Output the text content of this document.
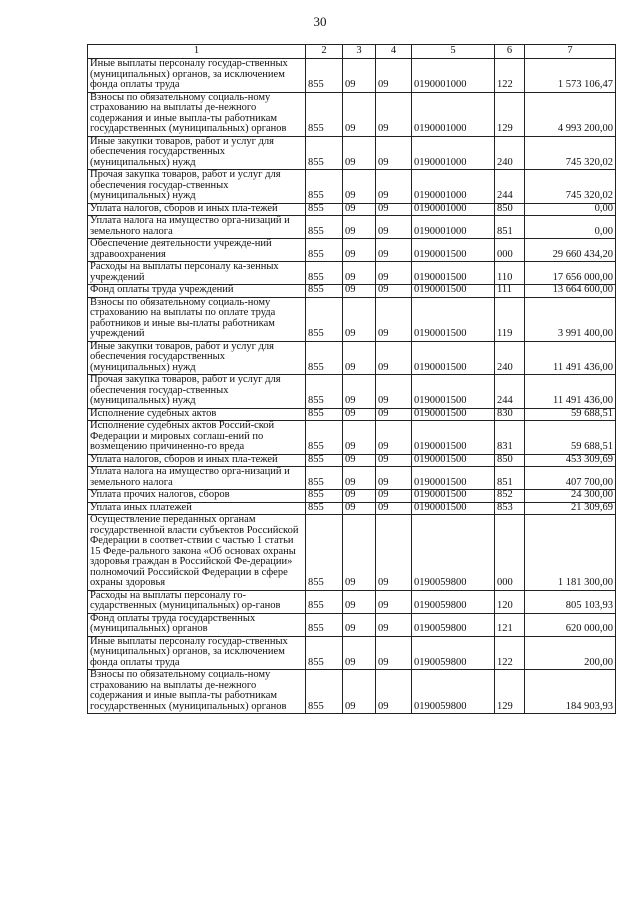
30
1	2	3	4	5	6	7
Иные выплаты персоналу государ-ственных (муниципальных) органов, за исключением фонда оплаты труда	855	09	09	0190001000	122	1 573 106,47
Взносы по обязательному социаль-ному страхованию на выплаты де-нежного содержания и иные выпла-ты работникам государственных (муниципальных) органов	855	09	09	0190001000	129	4 993 200,00
Иные закупки товаров, работ и услуг для обеспечения государственных (муниципальных) нужд	855	09	09	0190001000	240	745 320,02
Прочая закупка товаров, работ и услуг для обеспечения государ-ственных (муниципальных) нужд	855	09	09	0190001000	244	745 320,02
Уплата налогов, сборов и иных пла-тежей	855	09	09	0190001000	850	0,00
Уплата налога на имущество орга-низаций и земельного налога	855	09	09	0190001000	851	0,00
Обеспечение деятельности учрежде-ний здравоохранения	855	09	09	0190001500	000	29 660 434,20
Расходы на выплаты персоналу ка-зенных учреждений	855	09	09	0190001500	110	17 656 000,00
Фонд оплаты труда учреждений	855	09	09	0190001500	111	13 664 600,00
Взносы по обязательному социаль-ному страхованию на выплаты по оплате труда работников и иные вы-платы работникам учреждений	855	09	09	0190001500	119	3 991 400,00
Иные закупки товаров, работ и услуг для обеспечения государственных (муниципальных) нужд	855	09	09	0190001500	240	11 491 436,00
Прочая закупка товаров, работ и услуг для обеспечения государ-ственных (муниципальных) нужд	855	09	09	0190001500	244	11 491 436,00
Исполнение судебных актов	855	09	09	0190001500	830	59 688,51
Исполнение судебных актов Россий-ской Федерации и мировых соглаш-ений по возмещению причиненно-го вреда	855	09	09	0190001500	831	59 688,51
Уплата налогов, сборов и иных пла-тежей	855	09	09	0190001500	850	453 309,69
Уплата налога на имущество орга-низаций и земельного налога	855	09	09	0190001500	851	407 700,00
Уплата прочих налогов, сборов	855	09	09	0190001500	852	24 300,00
Уплата иных платежей	855	09	09	0190001500	853	21 309,69
Осуществление переданных органам государственной власти субъектов Российской Федерации в соответ-ствии с частью 1 статьи 15 Феде-рального закона «Об основах охраны здоровья граждан в Российской Фе-дерации» полномочий Российской Федерации в сфере охраны здоровья	855	09	09	0190059800	000	1 181 300,00
Расходы на выплаты персоналу го-сударственных (муниципальных) ор-ганов	855	09	09	0190059800	120	805 103,93
Фонд оплаты труда государственных (муниципальных) органов	855	09	09	0190059800	121	620 000,00
Иные выплаты персоналу государ-ственных (муниципальных) органов, за исключением фонда оплаты труда	855	09	09	0190059800	122	200,00
Взносы по обязательному социаль-ному страхованию на выплаты де-нежного содержания и иные выпла-ты работникам государственных (муниципальных) органов	855	09	09	0190059800	129	184 903,93
